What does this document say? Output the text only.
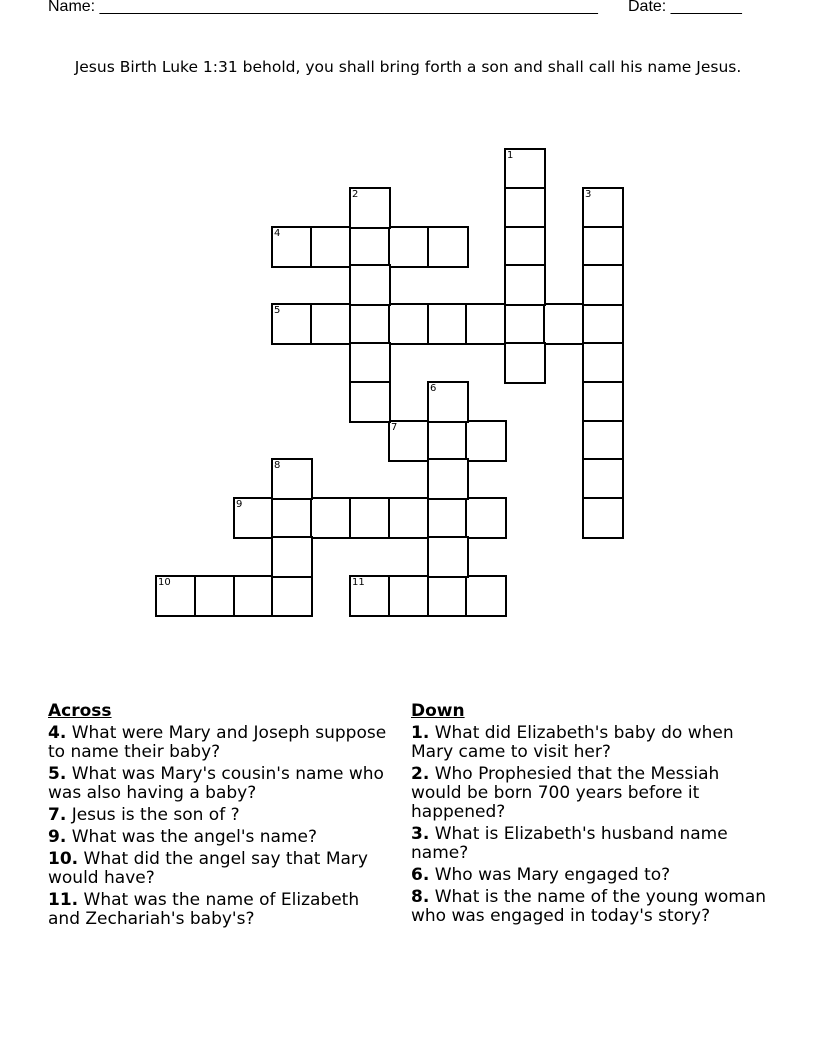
Name: ________________________________________________________ Date: ________
Jesus Birth Luke 1:31 behold, you shall bring forth a son and shall call his name Jesus.
4
5
7
9
10	11
1
2	3
6
8
Across
4. What were Mary and Joseph suppose to name their baby?
5. What was Mary's cousin's name who was also having a baby?
7. Jesus is the son of ?
9. What was the angel's name?
10. What did the angel say that Mary would have?
11. What was the name of Elizabeth and Zechariah's baby's?
Down
1. What did Elizabeth's baby do when Mary came to visit her?
2. Who Prophesied that the Messiah would be born 700 years before it happened?
3. What is Elizabeth's husband name name?
6. Who was Mary engaged to?
8. What is the name of the young woman who was engaged in today's story?
